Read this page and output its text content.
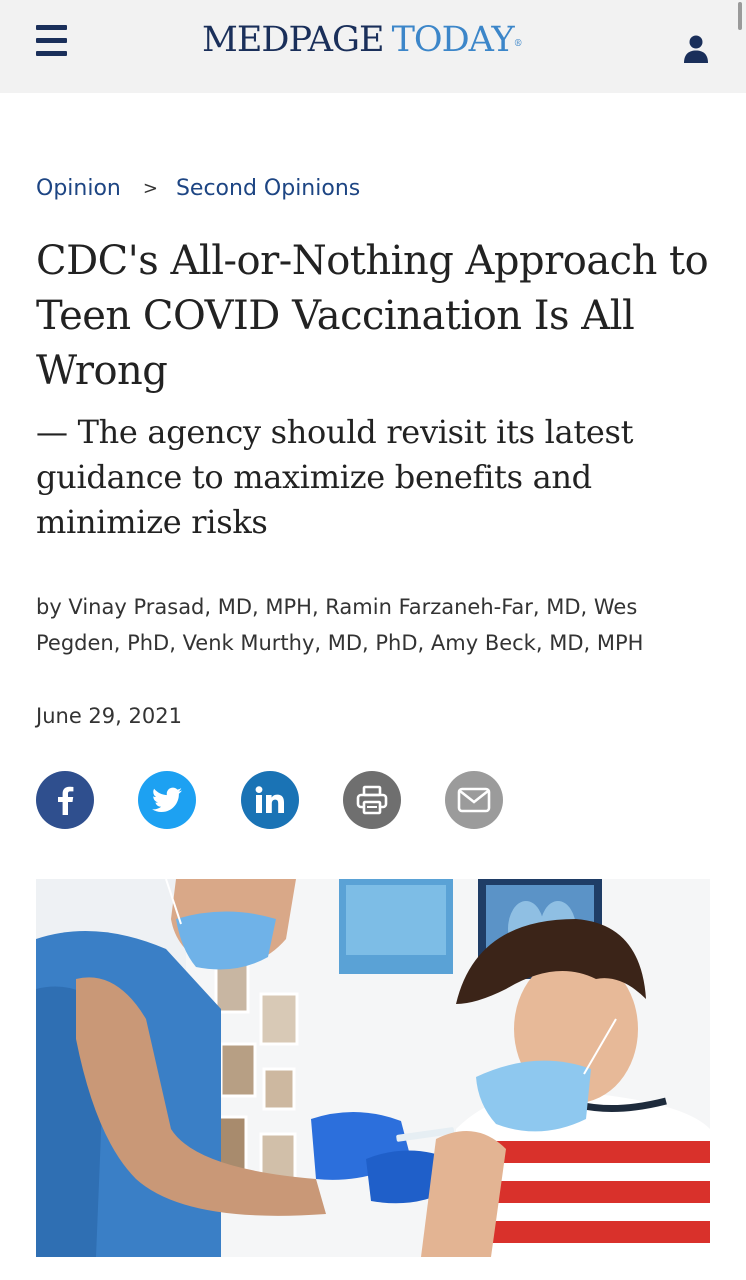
MEDPAGE TODAY®
Opinion > Second Opinions
CDC's All-or-Nothing Approach to Teen COVID Vaccination Is All Wrong
— The agency should revisit its latest guidance to maximize benefits and minimize risks
by Vinay Prasad, MD, MPH, Ramin Farzaneh-Far, MD, Wes Pegden, PhD, Venk Murthy, MD, PhD, Amy Beck, MD, MPH
June 29, 2021
